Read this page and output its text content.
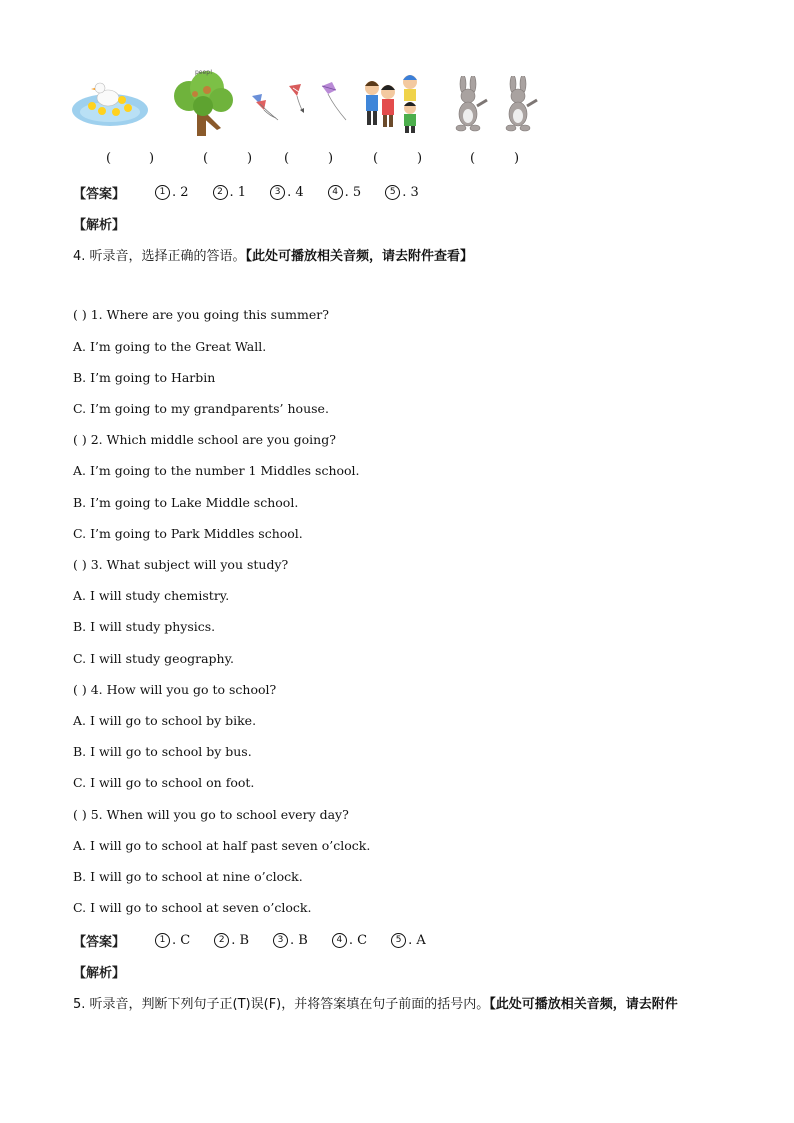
peep!
(	)	(	) (	)	(	)	(	)
【答案】	1 . 2	2 . 1	3 . 4	4 . 5	5 . 3
【解析】
4. 听录音，选择正确的答语。【此处可播放相关音频，请去附件查看】
( ) 1. Where are you going this summer?
A. I’m going to the Great Wall.
B. I’m going to Harbin
C. I’m going to my grandparents’ house.
( ) 2. Which middle school are you going?
A. I’m going to the number 1 Middles school.
B. I’m going to Lake Middle school.
C. I’m going to Park Middles school.
( ) 3. What subject will you study?
A. I will study chemistry.
B. I will study physics.
C. I will study geography.
( ) 4. How will you go to school?
A. I will go to school by bike.
B. I will go to school by bus.
C. I will go to school on foot.
( ) 5. When will you go to school every day?
A. I will go to school at half past seven o’clock.
B. I will go to school at nine o’clock.
C. I will go to school at seven o’clock.
【答案】	1 . C	2 . B	3 . B	4 . C	5 . A
【解析】
5. 听录音，判断下列句子正(T)误(F)，并将答案填在句子前面的括号内。【此处可播放相关音频，请去附件
